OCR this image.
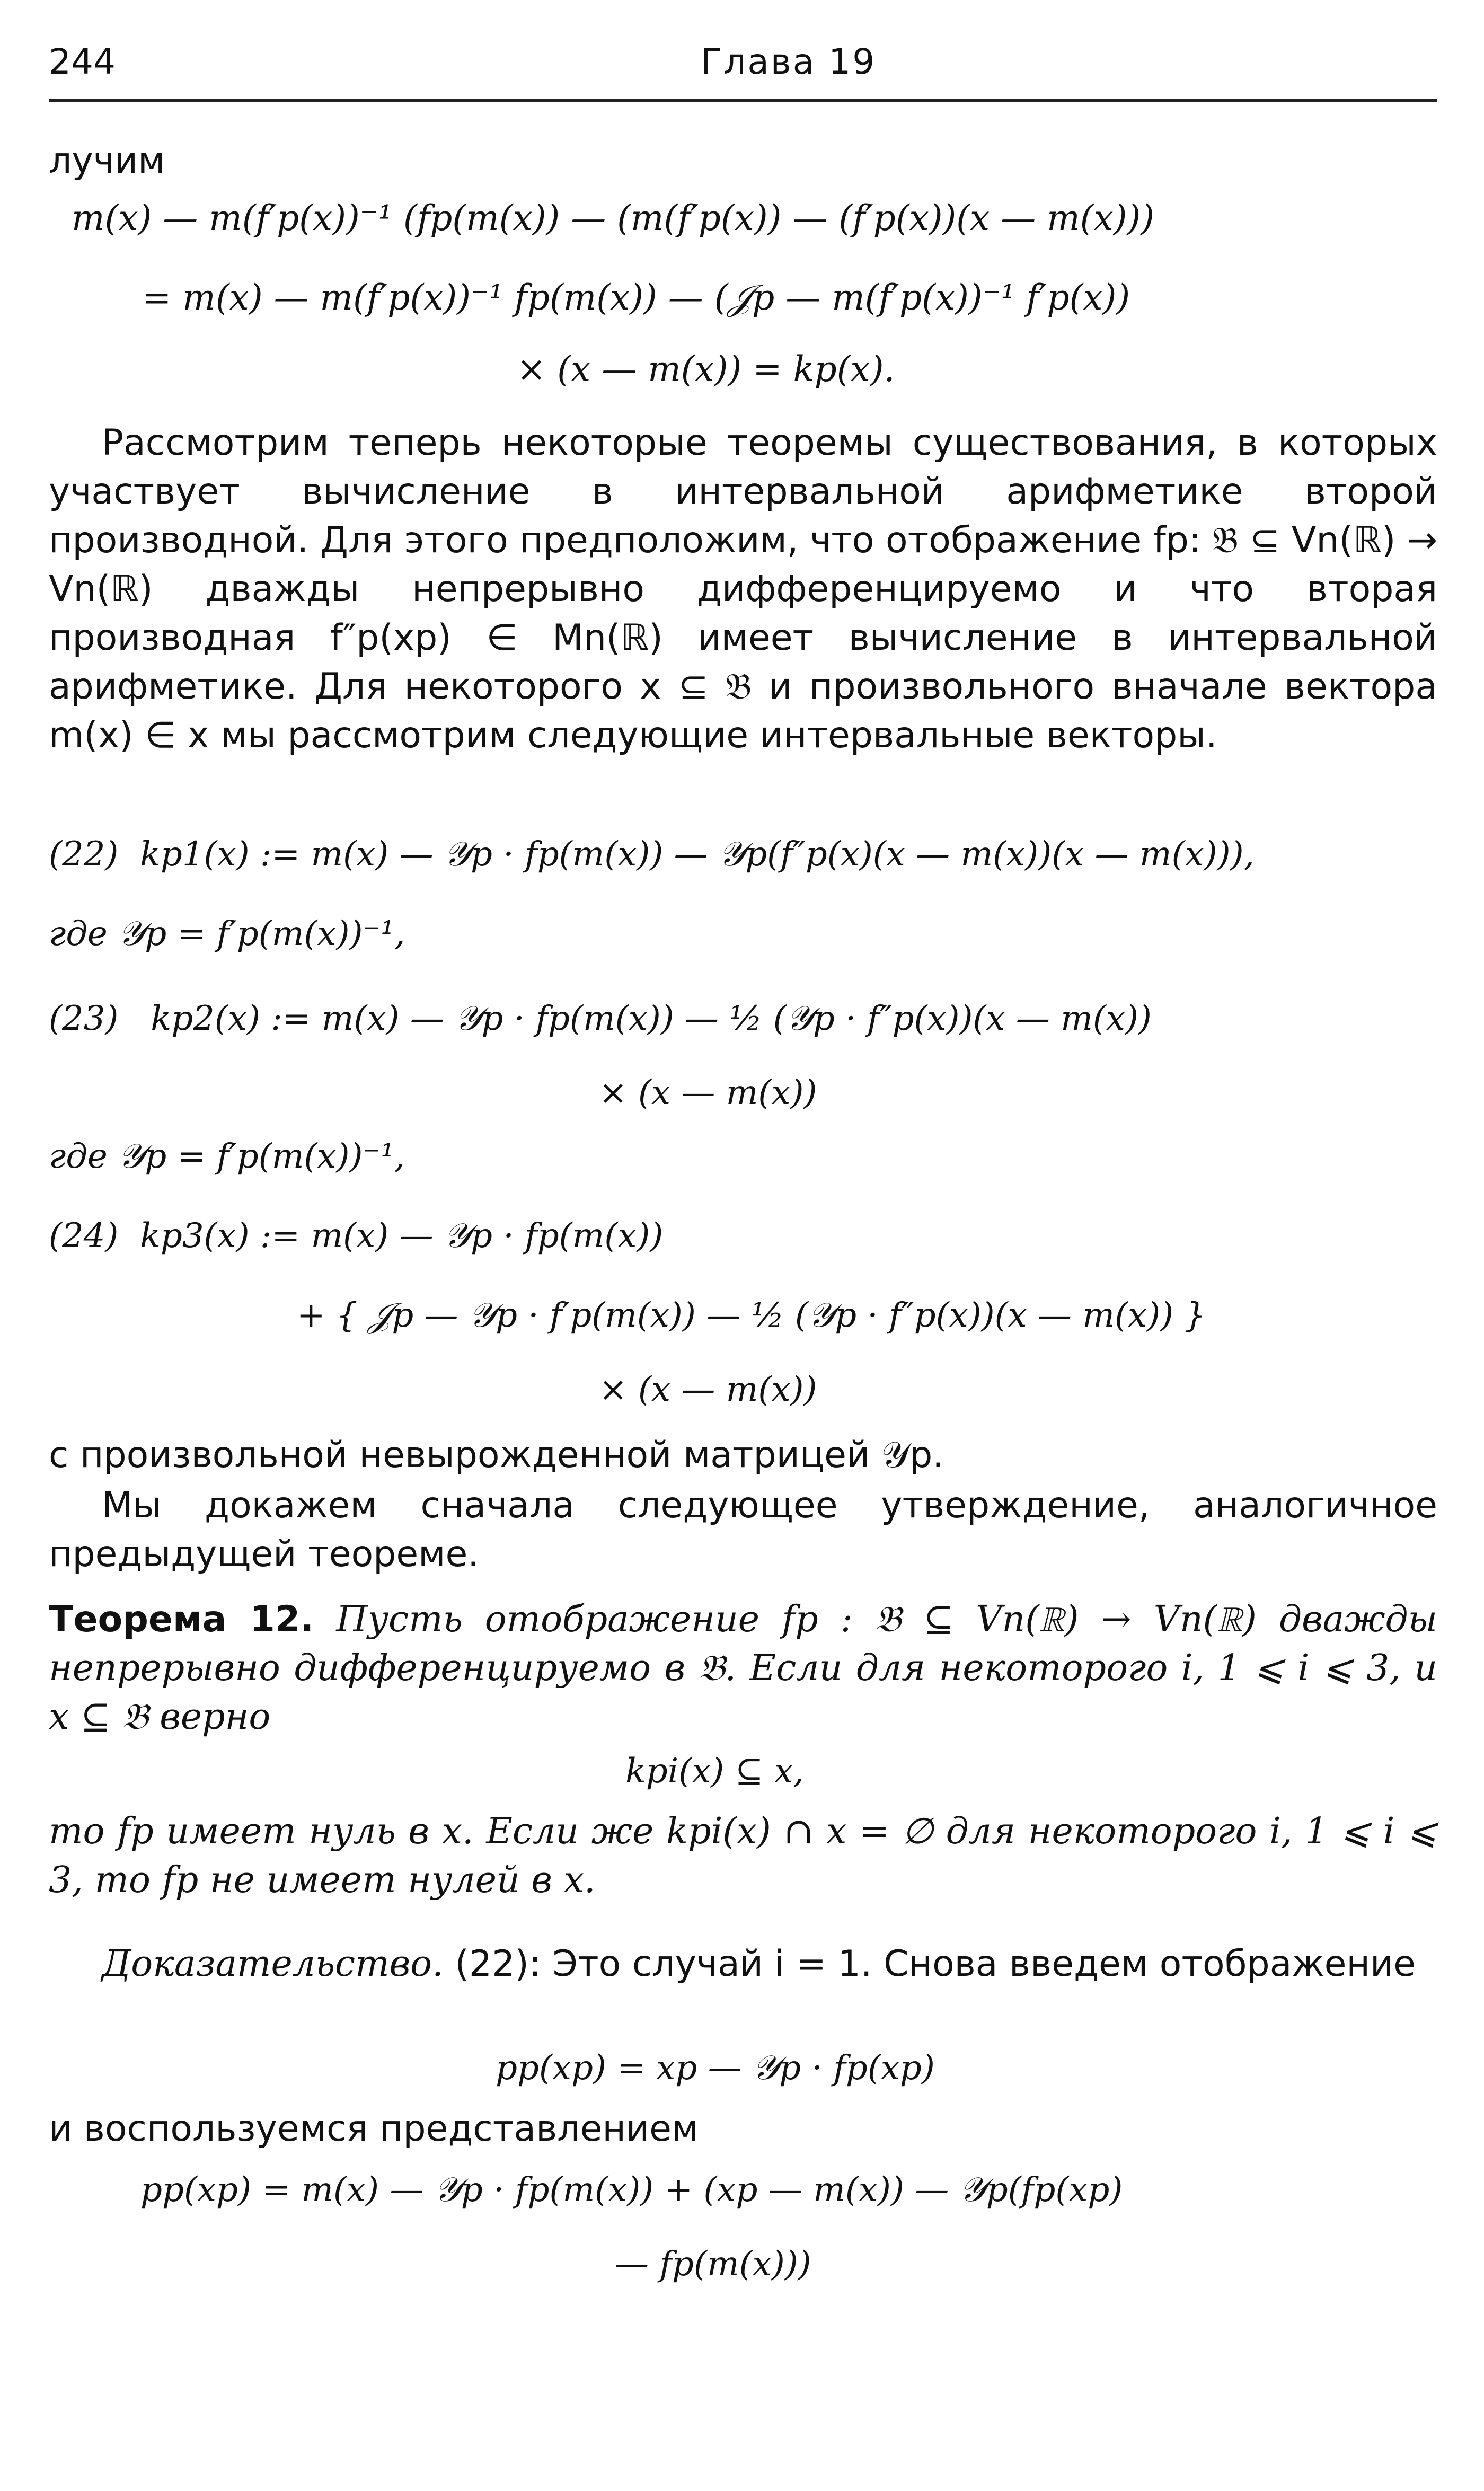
244	Глава 19
лучим
m(x) — m(f′p(x))⁻¹ (fp(m(x)) — (m(f′p(x)) — (f′p(x))(x — m(x)))
= m(x) — m(f′p(x))⁻¹ fp(m(x)) — (𝒥p — m(f′p(x))⁻¹ f′p(x))
× (x — m(x)) = kp(x).
Рассмотрим теперь некоторые теоремы существования, в которых участвует вычисление в интервальной арифметике второй производной. Для этого предположим, что отображение fp: 𝔅 ⊆ Vn(ℝ) → Vn(ℝ) дважды непрерывно дифференцируемо и что вторая производная f″p(xp) ∈ Mn(ℝ) имеет вычисление в интервальной арифметике. Для некоторого x ⊆ 𝔅 и произвольного вначале вектора m(x) ∈ x мы рассмотрим следующие интервальные векторы.
(22)  kp1(x) := m(x) — 𝒴p · fp(m(x)) — 𝒴p(f″p(x)(x — m(x))(x — m(x))),
где 𝒴p = f′p(m(x))⁻¹,
(23)   kp2(x) := m(x) — 𝒴p · fp(m(x)) — ½ (𝒴p · f″p(x))(x — m(x))
× (x — m(x))
где 𝒴p = f′p(m(x))⁻¹,
(24)  kp3(x) := m(x) — 𝒴p · fp(m(x))
+ { 𝒥p — 𝒴p · f′p(m(x)) — ½ (𝒴p · f″p(x))(x — m(x)) }
× (x — m(x))
с произвольной невырожденной матрицей 𝒴p.
Мы докажем сначала следующее утверждение, аналогичное предыдущей теореме.
Теорема 12. Пусть отображение fp : 𝔅 ⊆ Vn(ℝ) → Vn(ℝ) дважды непрерывно дифференцируемо в 𝔅. Если для некоторого i, 1 ⩽ i ⩽ 3, и x ⊆ 𝔅 верно
kpi(x) ⊆ x,
то fp имеет нуль в x. Если же kpi(x) ∩ x = ∅ для некоторого i, 1 ⩽ i ⩽ 3, то fp не имеет нулей в x.
Доказательство. (22): Это случай i = 1. Снова введем отображение
pp(xp) = xp — 𝒴p · fp(xp)
и воспользуемся представлением
pp(xp) = m(x) — 𝒴p · fp(m(x)) + (xp — m(x)) — 𝒴p(fp(xp)
— fp(m(x)))
